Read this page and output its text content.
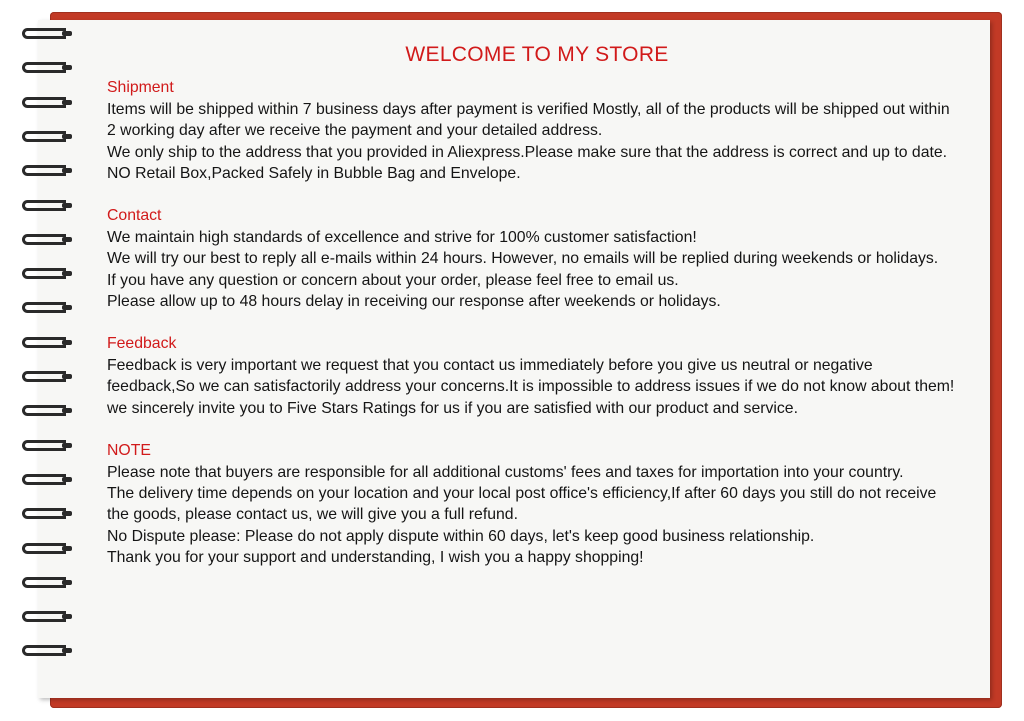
WELCOME TO MY STORE
Shipment

Items will be shipped within 7 business days after payment is verified Mostly, all of the products will be shipped out within 2 working day after we receive the payment and your detailed address.

We only ship to the address that you provided in Aliexpress.Please make sure that the address is correct and up to date.

NO Retail Box,Packed Safely in Bubble Bag and Envelope.

Contact

We maintain high standards of excellence and strive for 100% customer satisfaction!

We will try our best to reply all e-mails within 24 hours. However, no emails will be replied during weekends or holidays.

If you have any question or concern about your order, please feel free to email us.

Please allow up to 48 hours delay in receiving our response after weekends or holidays.

Feedback

Feedback is very important we request that you contact us immediately before you give us neutral or negative feedback,So we can satisfactorily address your concerns.It is impossible to address issues if we do not know about them!

we sincerely invite you to Five Stars Ratings for us if you are satisfied with our product and service.

NOTE

Please note that buyers are responsible for all additional customs' fees and taxes for importation into your country.

The delivery time depends on your location and your local post office's efficiency,If after 60 days you still do not receive the goods, please contact us, we will give you a full refund.

No Dispute please: Please do not apply dispute within 60 days, let's keep good business relationship.

Thank you for your support and understanding, I wish you a happy shopping!
